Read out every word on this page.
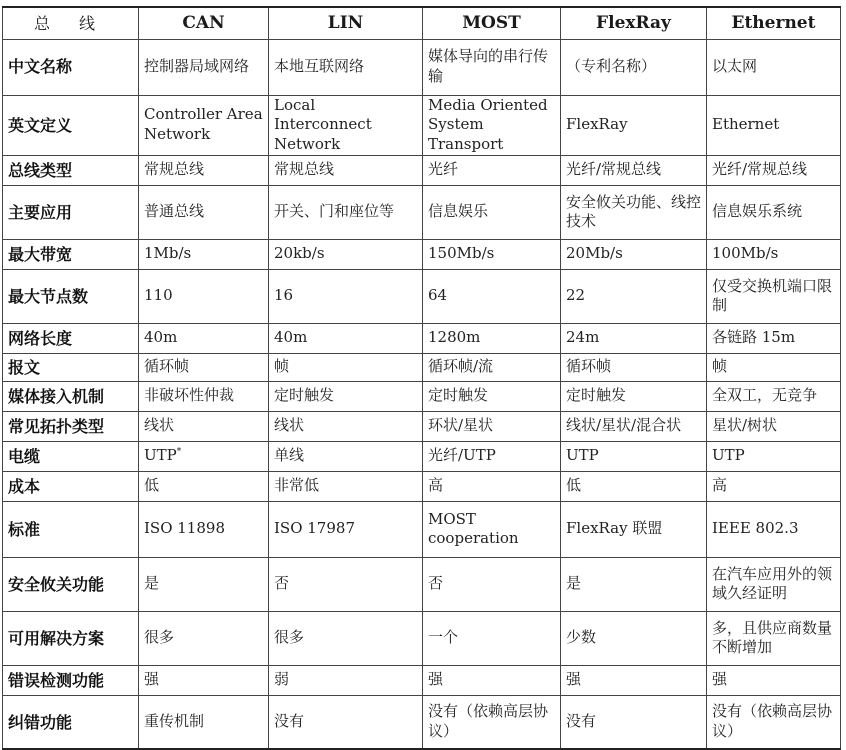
总 线	CAN	LIN	MOST	FlexRay	Ethernet
中文名称	控制器局域网络	本地互联网络	媒体导向的串行传输	（专利名称）	以太网
英文定义	Controller Area Network	Local Interconnect Network	Media Oriented System Transport	FlexRay	Ethernet
总线类型	常规总线	常规总线	光纤	光纤/常规总线	光纤/常规总线
主要应用	普通总线	开关、门和座位等	信息娱乐	安全攸关功能、线控技术	信息娱乐系统
最大带宽	1Mb/s	20kb/s	150Mb/s	20Mb/s	100Mb/s
最大节点数	110	16	64	22	仅受交换机端口限制
网络长度	40m	40m	1280m	24m	各链路 15m
报文	循环帧	帧	循环帧/流	循环帧	帧
媒体接入机制	非破坏性仲裁	定时触发	定时触发	定时触发	全双工，无竞争
常见拓扑类型	线状	线状	环状/星状	线状/星状/混合状	星状/树状
电缆	UTP*	单线	光纤/UTP	UTP	UTP
成本	低	非常低	高	低	高
标准	ISO 11898	ISO 17987	MOST cooperation	FlexRay 联盟	IEEE 802.3
安全攸关功能	是	否	否	是	在汽车应用外的领域久经证明
可用解决方案	很多	很多	一个	少数	多，且供应商数量不断增加
错误检测功能	强	弱	强	强	强
纠错功能	重传机制	没有	没有（依赖高层协议）	没有	没有（依赖高层协议）
